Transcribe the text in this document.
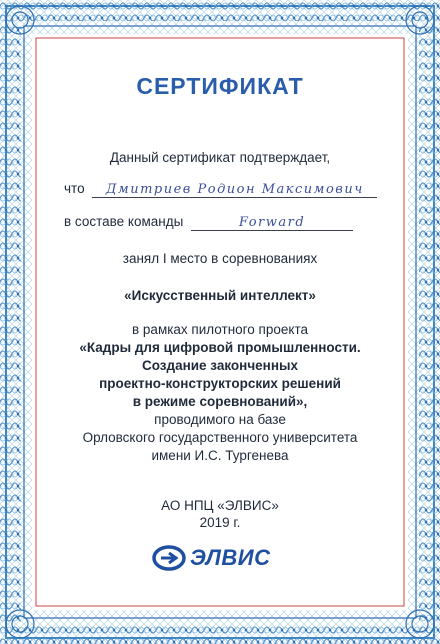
СЕРТИФИКАТ
Данный сертификат подтверждает,
что Дмитриев Родион Максимович
в составе команды	Forward
занял I место в соревнованиях
«Искусственный интеллект»
в рамках пилотного проекта
«Кадры для цифровой промышленности.
Создание законченных
проектно-конструкторских решений
в режиме соревнований»,
проводимого на базе
Орловского государственного университета
имени И.С. Тургенева
АО НПЦ «ЭЛВИС»
2019 г.
ЭЛВИС
